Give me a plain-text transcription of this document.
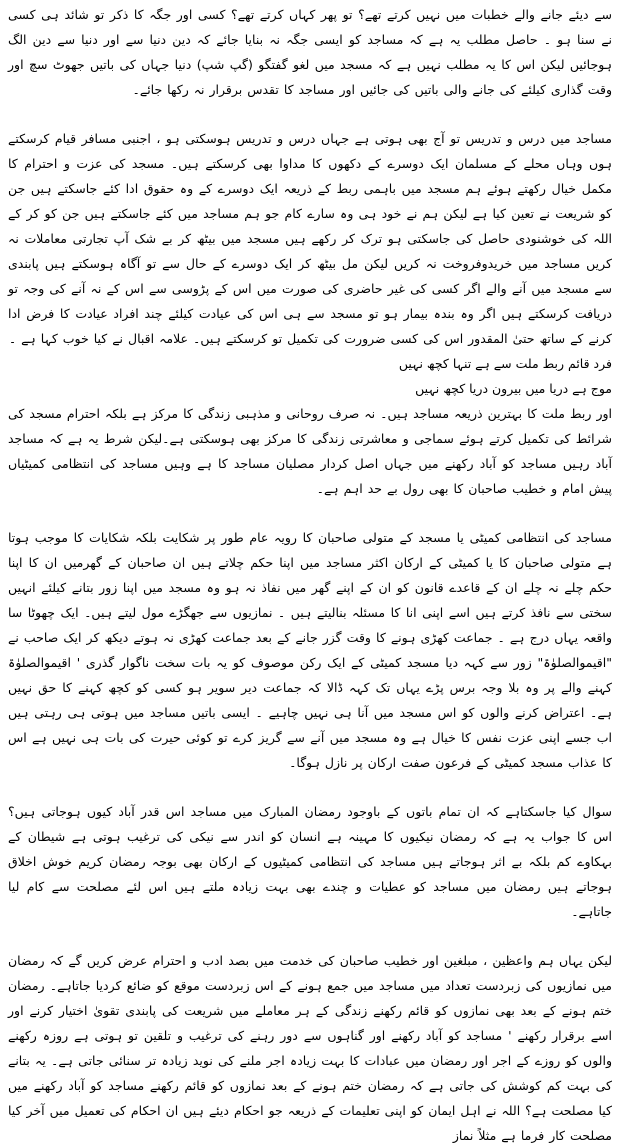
سے دیئے جانے والے خطبات میں نہیں کرتے تھے؟ تو پھر کہاں کرتے تھے؟ کسی اور جگہ کا ذکر تو شائد ہی کسی نے سنا ہو ۔ حاصل مطلب یہ ہے کہ مساجد کو ایسی جگہ نہ بنایا جائے کہ دین دنیا سے اور دنیا سے دین الگ ہوجائیں لیکن اس کا یہ مطلب نہیں ہے کہ مسجد میں لغو گفتگو (گپ شپ) دنیا جہاں کی باتیں جھوٹ سچ اور وقت گذاری کیلئے کی جانے والی باتیں کی جائیں اور مساجد کا تقدس برقرار نہ رکھا جائے۔

مساجد میں درس و تدریس تو آج بھی ہوتی ہے جہاں درس و تدریس ہوسکتی ہو ، اجنبی مسافر قیام کرسکتے ہوں وہاں محلے کے مسلمان ایک دوسرے کے دکھوں کا مداوا بھی کرسکتے ہیں۔ مسجد کی عزت و احترام کا مکمل خیال رکھتے ہوئے ہم مسجد میں باہمی ربط کے ذریعہ ایک دوسرے کے وہ حقوق ادا کئے جاسکتے ہیں جن کو شریعت نے تعین کیا ہے لیکن ہم نے خود ہی وہ سارے کام جو ہم مساجد میں کئے جاسکتے ہیں جن کو کر کے اللہ کی خوشنودی حاصل کی جاسکتی ہو ترک کر رکھے ہیں مسجد میں بیٹھ کر بے شک آپ تجارتی معاملات نہ کریں مساجد میں خریدوفروخت نہ کریں لیکن مل بیٹھ کر ایک دوسرے کے حال سے تو آگاہ ہوسکتے ہیں پابندی سے مسجد میں آنے والے اگر کسی کی غیر حاضری کی صورت میں اس کے پڑوسی سے اس کے نہ آنے کی وجہ تو دریافت کرسکتے ہیں اگر وہ بندہ بیمار ہو تو مسجد سے ہی اس کی عیادت کیلئے چند افراد عیادت کا فرض ادا کرنے کے ساتھ حتیٰ المقدور اس کی کسی ضرورت کی تکمیل تو کرسکتے ہیں۔ علامہ اقبال نے کیا خوب کہا ہے ۔

فرد قائم ربط ملت سے ہے تنہا کچھ نہیں
موج ہے دریا میں بیرون دریا کچھ نہیں

اور ربط ملت کا بہترین ذریعہ مساجد ہیں۔ نہ صرف روحانی و مذہبی زندگی کا مرکز ہے بلکہ احترام مسجد کی شرائط کی تکمیل کرتے ہوئے سماجی و معاشرتی زندگی کا مرکز بھی ہوسکتی ہے۔لیکن شرط یہ ہے کہ مساجد آباد رہیں مساجد کو آباد رکھنے میں جہاں اصل کردار مصلیان مساجد کا ہے وہیں مساجد کی انتظامی کمیٹیاں پیش امام و خطیب صاحبان کا بھی رول بے حد اہم ہے۔

مساجد کی انتظامی کمیٹی یا مسجد کے متولی صاحبان کا رویہ عام طور پر شکایت بلکہ شکایات کا موجب ہوتا ہے متولی صاحبان کا یا کمیٹی کے ارکان اکثر مساجد میں اپنا حکم چلاتے ہیں ان صاحبان کے گھرمیں ان کا اپنا حکم چلے نہ چلے ان کے قاعدے قانون کو ان کے اپنے گھر میں نفاذ نہ ہو وہ مسجد میں اپنا زور بتانے کیلئے انہیں سختی سے نافذ کرتے ہیں اسے اپنی انا کا مسئلہ بنالیتے ہیں ۔ نمازیوں سے جھگڑے مول لیتے ہیں۔ ایک چھوٹا سا واقعہ یہاں درج ہے ۔ جماعت کھڑی ہونے کا وقت گزر جانے کے بعد جماعت کھڑی نہ ہوتے دیکھ کر ایک صاحب نے "اقیموالصلوٰۃ" زور سے کہہ دیا مسجد کمیٹی کے ایک رکن موصوف کو یہ بات سخت ناگوار گذری ' اقیموالصلوٰۃ کہنے والے پر وہ بلا وجہ برس پڑے یہاں تک کہہ ڈالا کہ جماعت دیر سویر ہو کسی کو کچھ کہنے کا حق نہیں ہے۔ اعتراض کرنے والوں کو اس مسجد میں آنا ہی نہیں چاہیے ۔ ایسی باتیں مساجد میں ہوتی ہی رہتی ہیں اب جسے اپنی عزت نفس کا خیال ہے وہ مسجد میں آنے سے گریز کرے تو کوئی حیرت کی بات ہی نہیں ہے اس کا عذاب مسجد کمیٹی کے فرعون صفت ارکان پر نازل ہوگا۔

سوال کیا جاسکتاہے کہ ان تمام باتوں کے باوجود رمضان المبارک میں مساجد اس قدر آباد کیوں ہوجاتی ہیں؟ اس کا جواب یہ ہے کہ رمضان نیکیوں کا مہینہ ہے انسان کو اندر سے نیکی کی ترغیب ہوتی ہے شیطان کے بہکاوے کم بلکہ بے اثر ہوجاتے ہیں مساجد کی انتظامی کمیٹیوں کے ارکان بھی بوجہ رمضان کریم خوش اخلاق ہوجاتے ہیں رمضان میں مساجد کو عطیات و چندے بھی بہت زیادہ ملتے ہیں اس لئے مصلحت سے کام لیا جاتاہے۔

لیکن یہاں ہم واعظین ، مبلغین اور خطیب صاحبان کی خدمت میں بصد ادب و احترام عرض کریں گے کہ رمضان میں نمازیوں کی زبردست تعداد میں مساجد میں جمع ہونے کے اس زبردست موقع کو ضائع کردیا جاتاہے۔ رمضان ختم ہونے کے بعد بھی نمازوں کو قائم رکھنے زندگی کے ہر معاملے میں شریعت کی پابندی تقویٰ اختیار کرنے اور اسے برقرار رکھنے ' مساجد کو آباد رکھنے اور گناہوں سے دور رہنے کی ترغیب و تلقین تو ہوتی ہے روزہ رکھنے والوں کو روزے کے اجر اور رمضان میں عبادات کا بہت زیادہ اجر ملنے کی نوید زیادہ تر سنائی جاتی ہے۔ یہ بتانے کی بہت کم کوشش کی جاتی ہے کہ رمضان ختم ہونے کے بعد نمازوں کو قائم رکھنے مساجد کو آباد رکھنے میں کیا مصلحت ہے؟ اللہ نے اہل ایمان کو اپنی تعلیمات کے ذریعہ جو احکام دیئے ہیں ان احکام کی تعمیل میں آخر کیا مصلحت کار فرما ہے مثلاً نماز
